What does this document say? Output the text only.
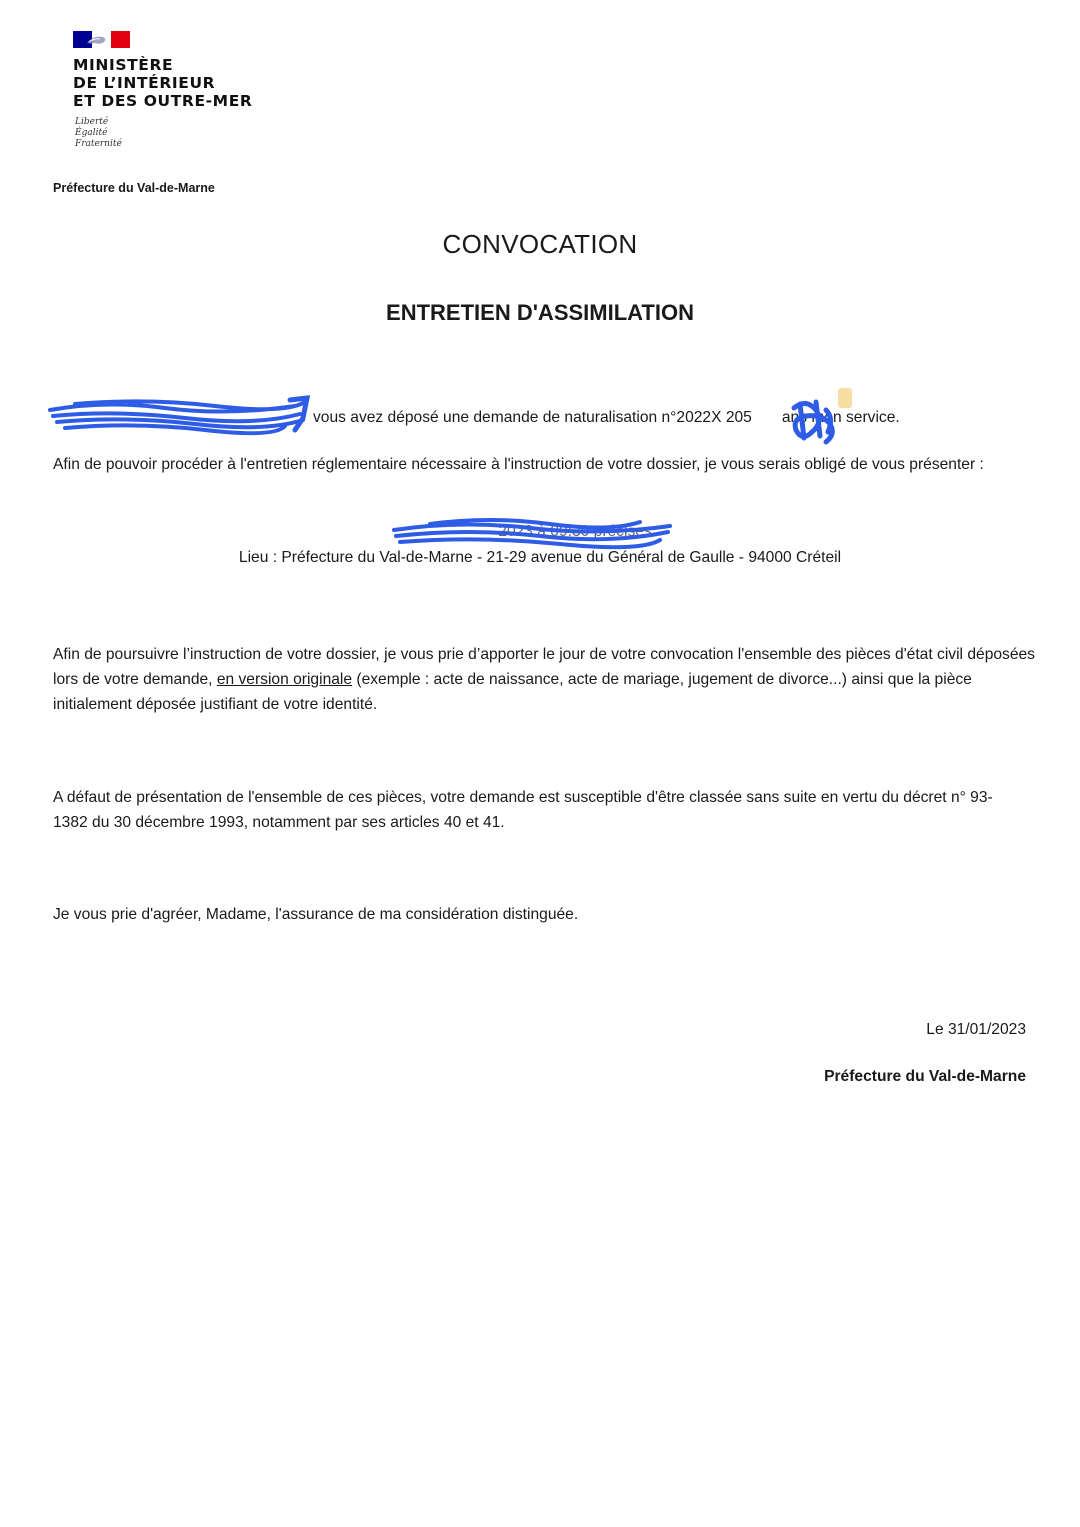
MINISTÈRE
DE L’INTÉRIEUR
ET DES OUTRE-MER
Liberté
Égalité
Fraternité
Préfecture du Val-de-Marne
CONVOCATION
ENTRETIEN D'ASSIMILATION
vous avez déposé une demande de naturalisation n°2022X 205 ans mon service.
Afin de pouvoir procéder à l'entretien réglementaire nécessaire à l'instruction de votre dossier, je vous serais obligé de vous présenter :
2023 à 09:30 précises
Lieu : Préfecture du Val-de-Marne - 21-29 avenue du Général de Gaulle - 94000 Créteil
Afin de poursuivre l’instruction de votre dossier, je vous prie d’apporter le jour de votre convocation l'ensemble des pièces d'état civil déposées lors de votre demande, en version originale (exemple : acte de naissance, acte de mariage, jugement de divorce...) ainsi que la pièce initialement déposée justifiant de votre identité.
A défaut de présentation de l'ensemble de ces pièces, votre demande est susceptible d'être classée sans suite en vertu du décret n° 93-1382 du 30 décembre 1993, notamment par ses articles 40 et 41.
Je vous prie d'agréer, Madame, l'assurance de ma considération distinguée.
Le 31/01/2023
Préfecture du Val-de-Marne
